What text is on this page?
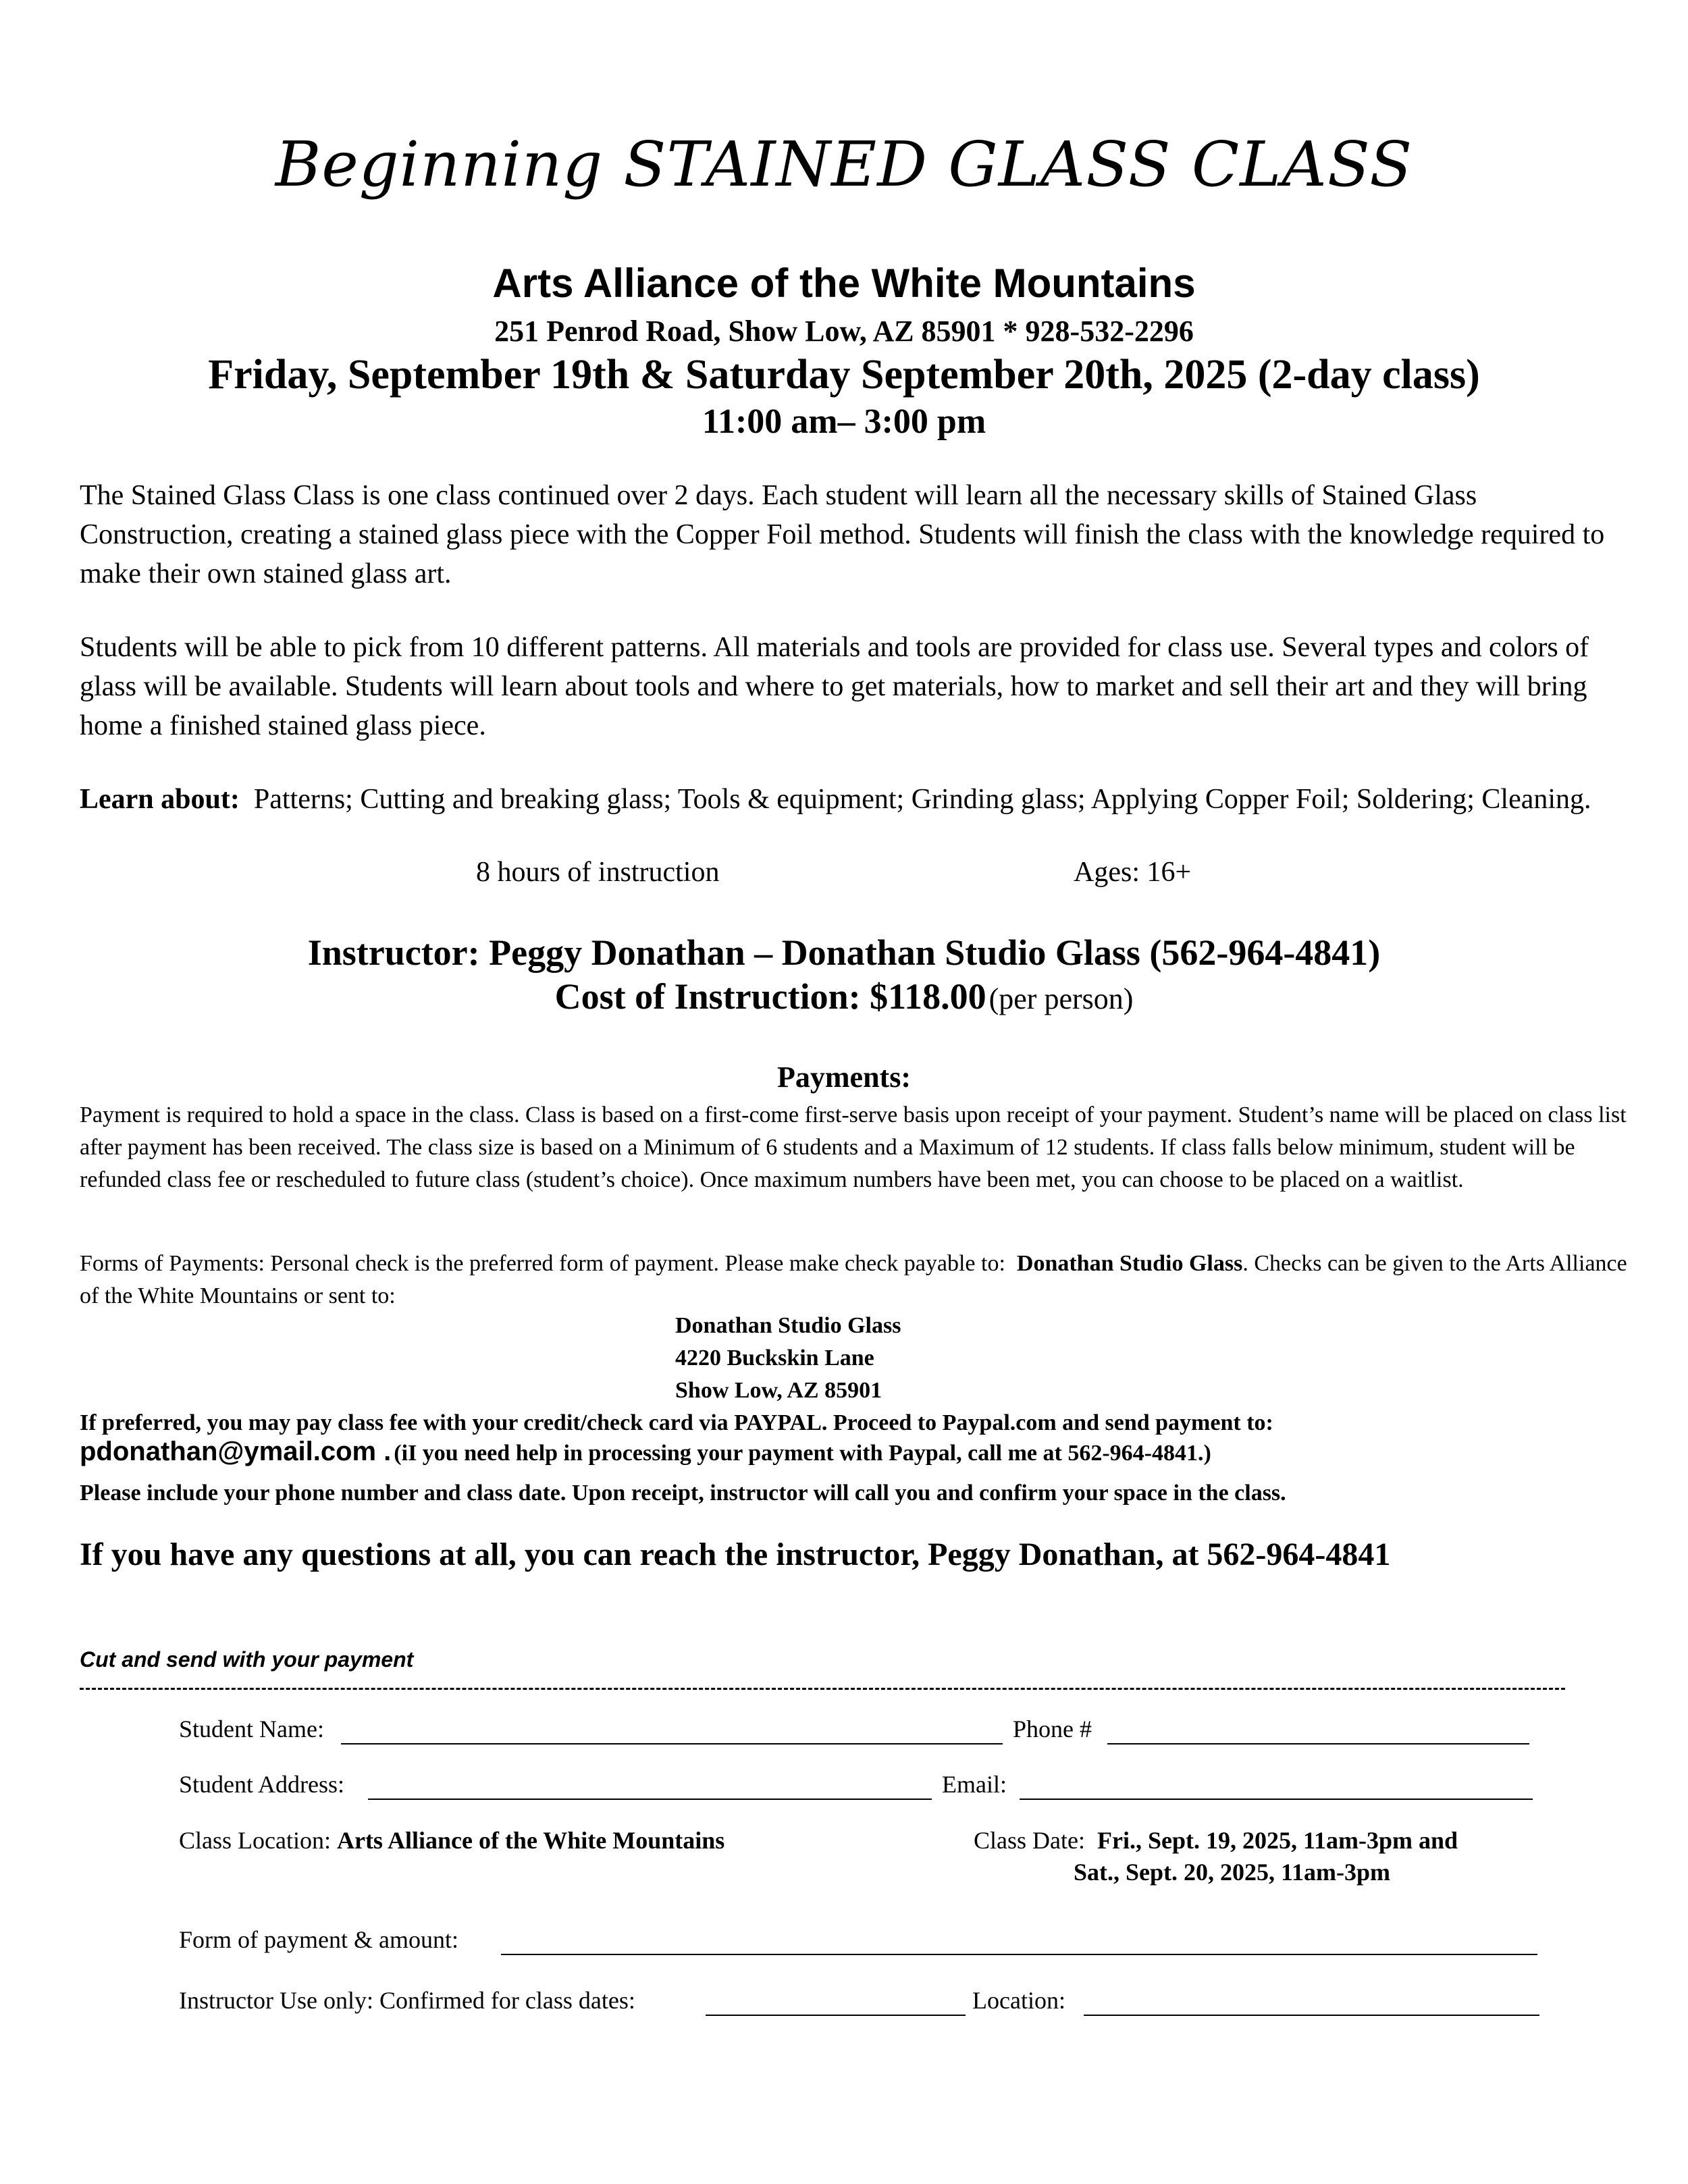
Beginning STAINED GLASS CLASS
Arts Alliance of the White Mountains
251 Penrod Road, Show Low, AZ 85901 * 928-532-2296
Friday, September 19th & Saturday September 20th, 2025 (2-day class)
11:00 am– 3:00 pm
The Stained Glass Class is one class continued over 2 days. Each student will learn all the necessary skills of Stained Glass Construction, creating a stained glass piece with the Copper Foil method. Students will finish the class with the knowledge required to make their own stained glass art.
Students will be able to pick from 10 different patterns. All materials and tools are provided for class use. Several types and colors of glass will be available. Students will learn about tools and where to get materials, how to market and sell their art and they will bring home a finished stained glass piece.
Learn about: Patterns; Cutting and breaking glass; Tools & equipment; Grinding glass; Applying Copper Foil; Soldering; Cleaning.
8 hours of instruction	Ages: 16+
Instructor: Peggy Donathan – Donathan Studio Glass (562-964-4841)
Cost of Instruction: $118.00 (per person)
Payments:
Payment is required to hold a space in the class. Class is based on a first-come first-serve basis upon receipt of your payment. Student’s name will be placed on class list after payment has been received. The class size is based on a Minimum of 6 students and a Maximum of 12 students. If class falls below minimum, student will be refunded class fee or rescheduled to future class (student’s choice). Once maximum numbers have been met, you can choose to be placed on a waitlist.
Forms of Payments: Personal check is the preferred form of payment. Please make check payable to: Donathan Studio Glass. Checks can be given to the Arts Alliance of the White Mountains or sent to:
Donathan Studio Glass
4220 Buckskin Lane
Show Low, AZ 85901
If preferred, you may pay class fee with your credit/check card via PAYPAL. Proceed to Paypal.com and send payment to:
pdonathan@ymail.com . (iI you need help in processing your payment with Paypal, call me at 562-964-4841.)
Please include your phone number and class date. Upon receipt, instructor will call you and confirm your space in the class.
If you have any questions at all, you can reach the instructor, Peggy Donathan, at 562-964-4841
Cut and send with your payment
Student Name:	Phone #
Student Address:	Email:
Class Location: Arts Alliance of the White Mountains	Class Date: Fri., Sept. 19, 2025, 11am-3pm and
Sat., Sept. 20, 2025, 11am-3pm
Form of payment & amount:
Instructor Use only: Confirmed for class dates:	Location:
